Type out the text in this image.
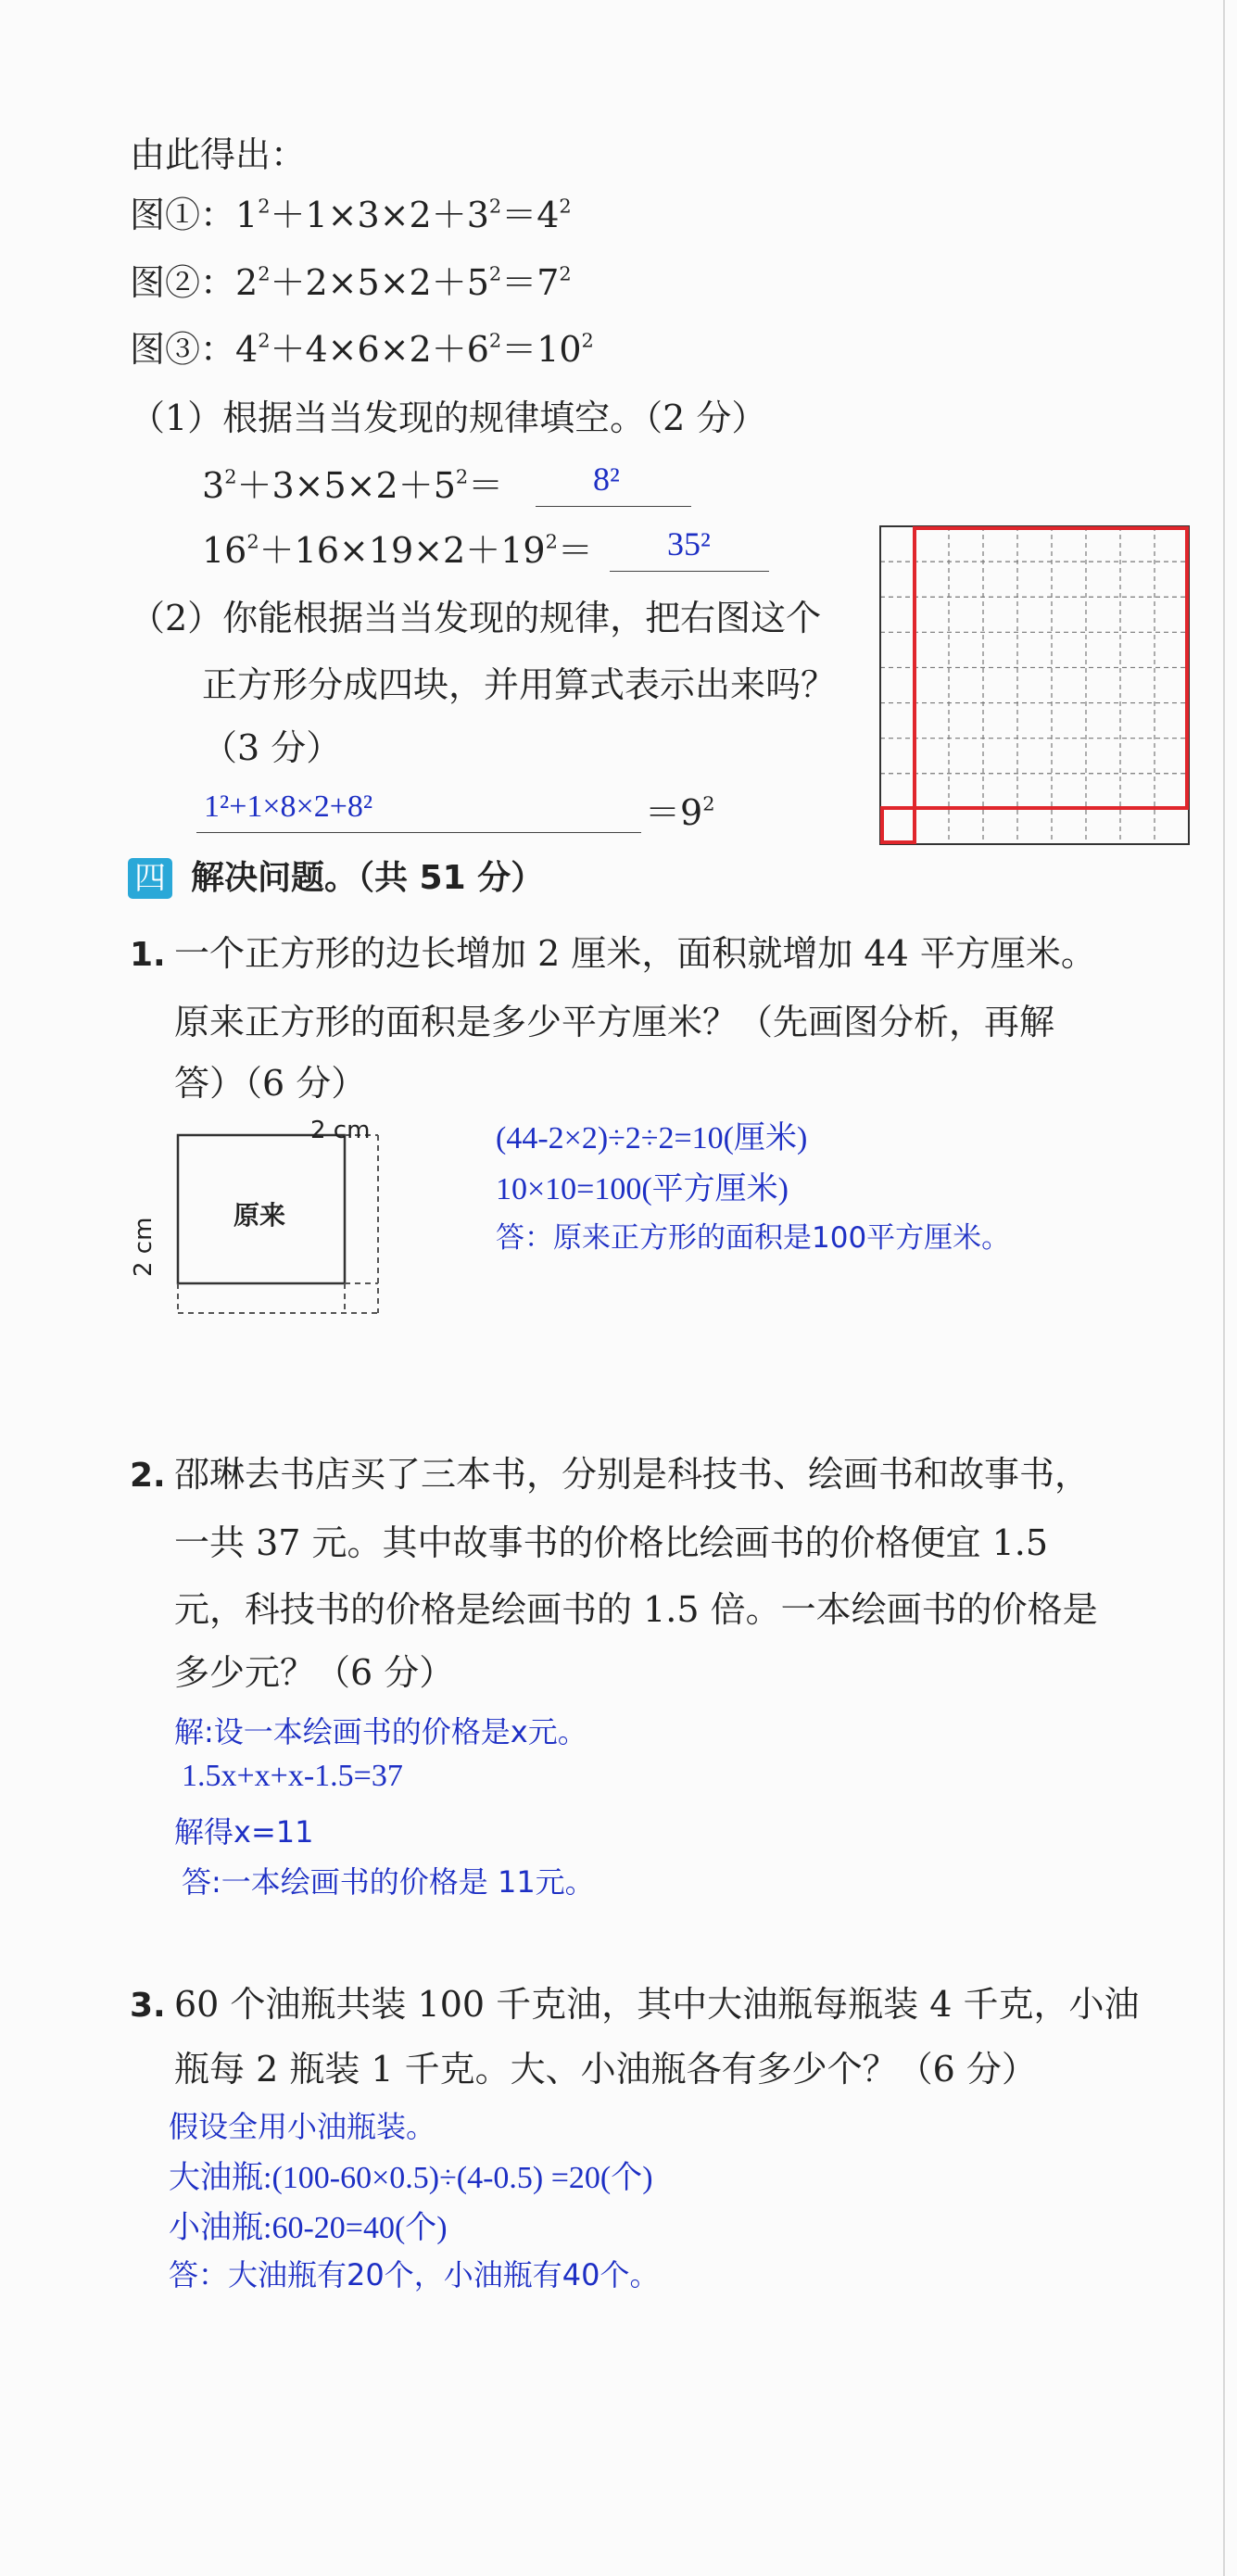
由此得出：
图①：$1^2+1\times 3\times 2+3^2=4^2$
图②：$2^2+2\times 5\times 2+5^2=7^2$
图③：$4^2+4\times 6\times 2+6^2=10^2$
（1）根据当当发现的规律填空。（2 分）
$3^2+3\times 5\times 2+5^2=$	8²
$16^2+16\times 19\times 2+19^2= 35^2$
（2）你能根据当当发现的规律，把右图这个
正方形分成四块，并用算式表示出来吗？
（3 分）
1²+1×8×2+8²	$=9^2$
四 解决问题。（共 51 分）
1. 一个正方形的边长增加 2 厘米，面积就增加 44 平方厘米。
原来正方形的面积是多少平方厘米？（先画图分析，再解
答）（6 分）
2 cm
2 cm
原来
(44-2×2)÷2÷2=10(厘米)
10×10=100(平方厘米)
答：原来正方形的面积是100平方厘米。
2. 邵琳去书店买了三本书，分别是科技书、绘画书和故事书，
一共 37 元。其中故事书的价格比绘画书的价格便宜 1.5
元，科技书的价格是绘画书的 1.5 倍。一本绘画书的价格是
多少元？（6 分）
解:设一本绘画书的价格是x元。
1.5x+x+x-1.5=37
解得x=11
答:一本绘画书的价格是 11元。
3. 60 个油瓶共装 100 千克油，其中大油瓶每瓶装 4 千克，小油
瓶每 2 瓶装 1 千克。大、小油瓶各有多少个？（6 分）
假设全用小油瓶装。
大油瓶:(100-60×0.5)÷(4-0.5) =20(个)
小油瓶:60-20=40(个)
答：大油瓶有20个，小油瓶有40个。
